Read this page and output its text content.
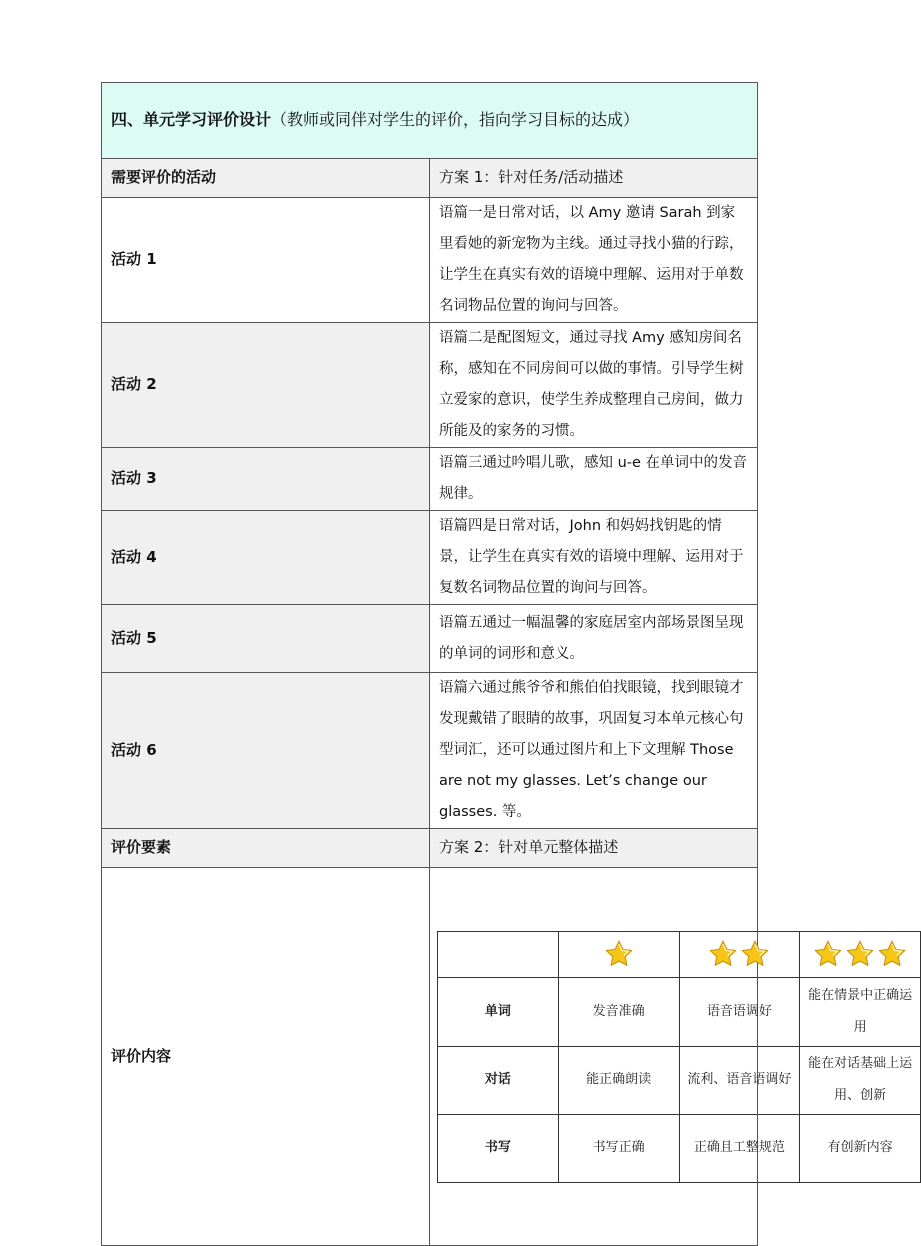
四、单元学习评价设计（教师或同伴对学生的评价，指向学习目标的达成）
需要评价的活动	方案 1：针对任务/活动描述
活动 1	语篇一是日常对话，以 Amy 邀请 Sarah 到家里看她的新宠物为主线。通过寻找小猫的行踪，让学生在真实有效的语境中理解、运用对于单数名词物品位置的询问与回答。
活动 2	语篇二是配图短文，通过寻找 Amy 感知房间名称，感知在不同房间可以做的事情。引导学生树立爱家的意识，使学生养成整理自己房间，做力所能及的家务的习惯。
活动 3	语篇三通过吟唱儿歌，感知 u-e 在单词中的发音规律。
活动 4	语篇四是日常对话，John 和妈妈找钥匙的情景，让学生在真实有效的语境中理解、运用对于复数名词物品位置的询问与回答。
活动 5	语篇五通过一幅温馨的家庭居室内部场景图呈现的单词的词形和意义。
活动 6	语篇六通过熊爷爷和熊伯伯找眼镜，找到眼镜才发现戴错了眼睛的故事，巩固复习本单元核心句型词汇，还可以通过图片和上下文理解 Those are not my glasses. Let’s change our glasses. 等。
评价要素	方案 2：针对单元整体描述
评价内容	

单词	发音准确	语音语调好	能在情景中正确运用
对话	能正确朗读	流利、语音语调好	能在对话基础上运用、创新
书写	书写正确	正确且工整规范	有创新内容
